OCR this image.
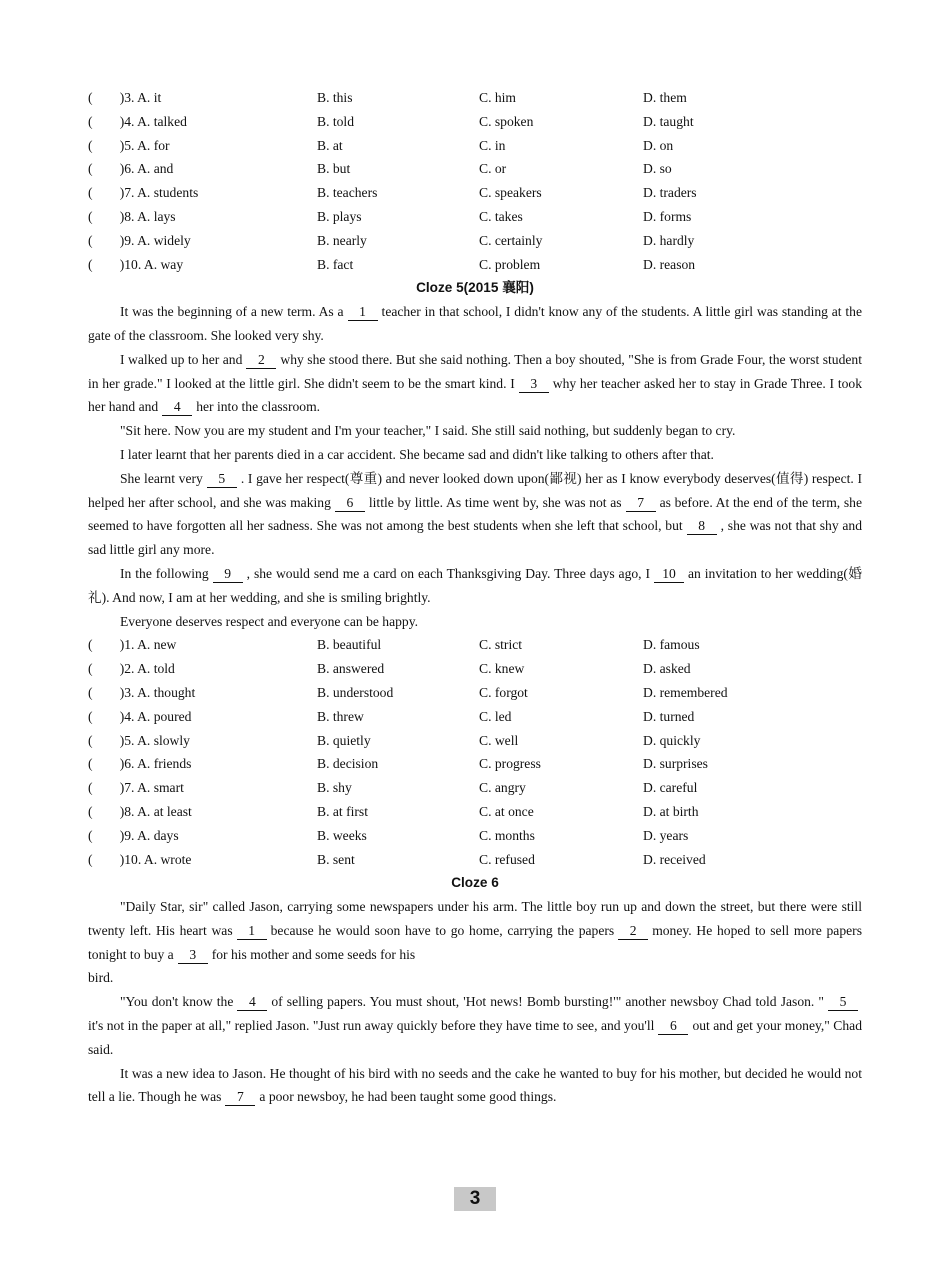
(　　)3. A. it	B. this	C. him	D. them
(　　)4. A. talked	B. told	C. spoken	D. taught
(　　)5. A. for	B. at	C. in	D. on
(　　)6. A. and	B. but	C. or	D. so
(　　)7. A. students	B. teachers	C. speakers	D. traders
(　　)8. A. lays	B. plays	C. takes	D. forms
(　　)9. A. widely	B. nearly	C. certainly	D. hardly
(　　)10. A. way	B. fact	C. problem	D. reason
Cloze 5(2015 襄阳)

It was the beginning of a new term. As a 1 teacher in that school, I didn't know any of the students. A little girl was standing at the gate of the classroom. She looked very shy.

I walked up to her and 2 why she stood there. But she said nothing. Then a boy shouted, "She is from Grade Four, the worst student in her grade." I looked at the little girl. She didn't seem to be the smart kind. I 3 why her teacher asked her to stay in Grade Three. I took her hand and 4 her into the classroom.

"Sit here. Now you are my student and I'm your teacher," I said. She still said nothing, but suddenly began to cry.

I later learnt that her parents died in a car accident. She became sad and didn't like talking to others after that.

She learnt very 5 . I gave her respect(尊重) and never looked down upon(鄙视) her as I know everybody deserves(值得) respect. I helped her after school, and she was making 6 little by little. As time went by, she was not as 7 as before. At the end of the term, she seemed to have forgotten all her sadness. She was not among the best students when she left that school, but 8 , she was not that shy and sad little girl any more.

In the following 9 , she would send me a card on each Thanksgiving Day. Three days ago, I 10 an invitation to her wedding(婚礼). And now, I am at her wedding, and she is smiling brightly.

Everyone deserves respect and everyone can be happy.

(　　)1. A. new	B. beautiful	C. strict	D. famous
(　　)2. A. told	B. answered	C. knew	D. asked
(　　)3. A. thought	B. understood	C. forgot	D. remembered
(　　)4. A. poured	B. threw	C. led	D. turned
(　　)5. A. slowly	B. quietly	C. well	D. quickly
(　　)6. A. friends	B. decision	C. progress	D. surprises
(　　)7. A. smart	B. shy	C. angry	D. careful
(　　)8. A. at least	B. at first	C. at once	D. at birth
(　　)9. A. days	B. weeks	C. months	D. years
(　　)10. A. wrote	B. sent	C. refused	D. received
Cloze 6

"Daily Star, sir" called Jason, carrying some newspapers under his arm. The little boy run up and down the street, but there were still twenty left. His heart was 1 because he would soon have to go home, carrying the papers 2 money. He hoped to sell more papers tonight to buy a 3 for his mother and some seeds for his

bird.

"You don't know the 4 of selling papers. You must shout, 'Hot news! Bomb bursting!'" another newsboy Chad told Jason. " 5it's not in the paper at all," replied Jason. "Just run away quickly before they have time to see, and you'll 6 out and get your money," Chad said.

It was a new idea to Jason. He thought of his bird with no seeds and the cake he wanted to buy for his mother, but decided he would not tell a lie. Though he was 7 a poor newsboy, he had been taught some good things.

3
